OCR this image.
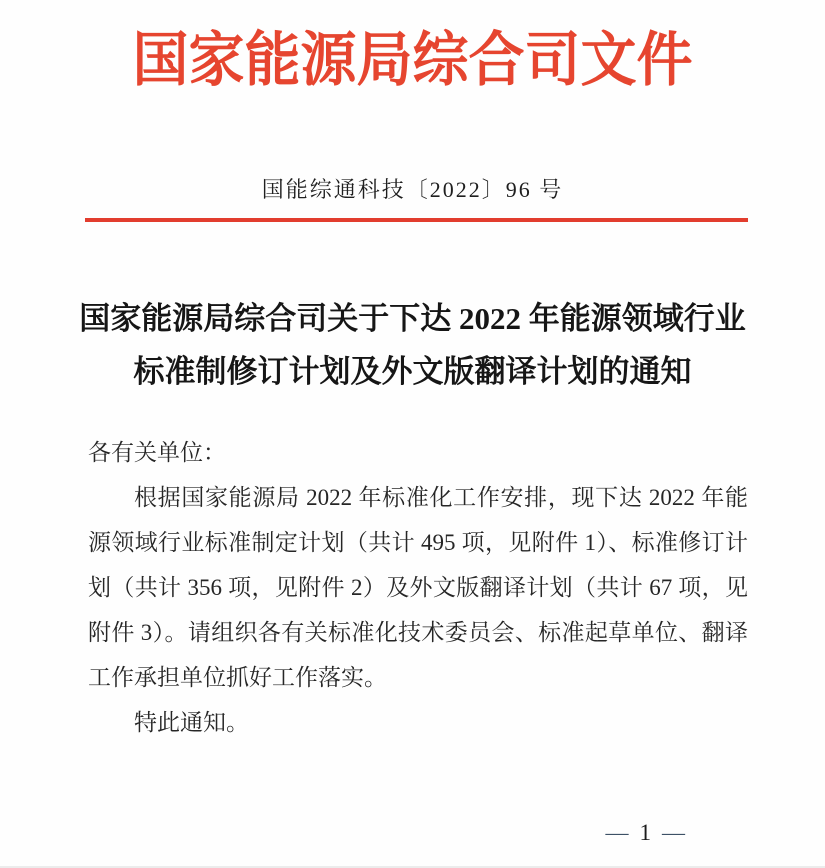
国家能源局综合司文件
国能综通科技〔2022〕96 号
国家能源局综合司关于下达 2022 年能源领域行业
标准制修订计划及外文版翻译计划的通知

各有关单位：

根据国家能源局 2022 年标准化工作安排，现下达 2022 年能源领域行业标准制定计划（共计 495 项，见附件 1）、标准修订计划（共计 356 项，见附件 2）及外文版翻译计划（共计 67 项，见附件 3）。请组织各有关标准化技术委员会、标准起草单位、翻译工作承担单位抓好工作落实。

特此通知。

— 1 —
